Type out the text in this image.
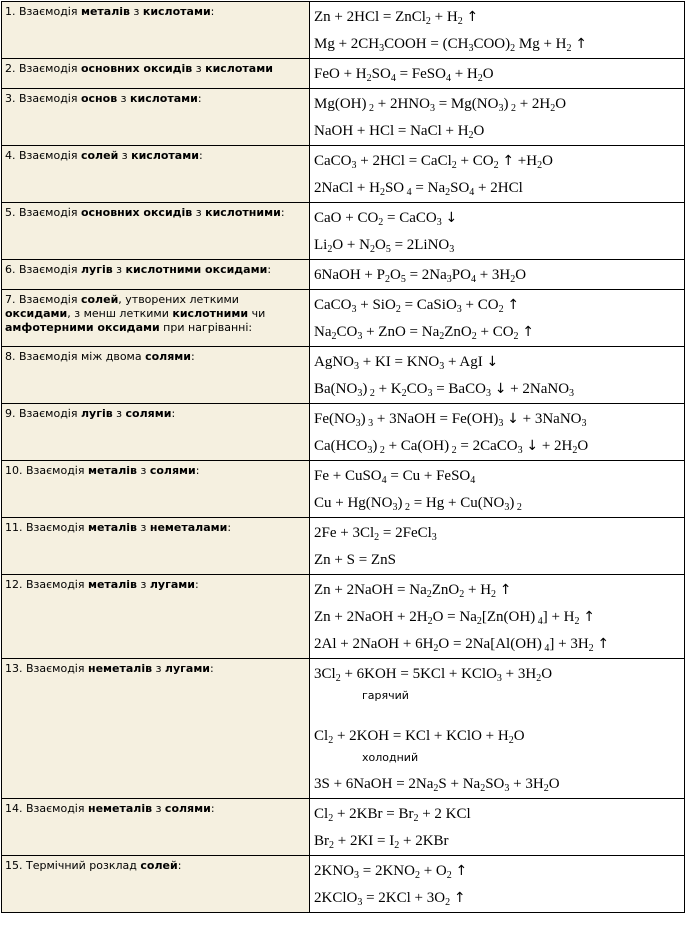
1. Взаємодія металів з кислотами:	Zn + 2HCl = ZnCl$_2$ + $H_2$ ↑
$Mg + 2CH_3COOH = (CH_3COO)_2$ $Mg + H_2$ ↑

2. Взаємодія основних оксидів з кислотами	FeO + $H_2SO_4$ = FeSO$_4$ + $H_2O$

3. Взаємодія основ з кислотами:	Mg(OH) $_2 + 2HNO_3 = Mg(NO_3) _2 + 2H_2O$
NaOH + HCl = NaCl + $H_2O$

4. Взаємодія солей з кислотами:	CaCO$_3$ + 2HCl = CaCl$_2$ + $CO_2$ ↑ $+H_2O$
2NaCl + $H_2SO$ $_4 = Na_2SO_4 + 2HCl$

5. Взаємодія основних оксидів з кислотними:	CaO + $CO_2$ = CaCO$_3$ ↓
$Li_2O + N_2O_5$ = 2LiNO$_3$

6. Взаємодія лугів з кислотними оксидами:	6NaOH + $P_2O_5 = 2Na_3PO_4 + 3H_2O$

7. Взаємодія солей, утворених леткими оксидами, з менш леткими кислотними чи амфотерними оксидами при нагріванні:	CaCO$_3$ + SiO$_2$ = CaSiO$_3$ + $CO_2$ ↑
$Na_2CO_3$ + ZnO = $Na_2ZnO_2 + CO_2$ ↑

8. Взаємодія між двома солями:	AgNO$_3$ + KI = $KNO_3$ + AgI ↓
$Ba(NO_3) _2 + K_2CO_3$ = BaCO$_3$ ↓ + 2NaNO$_3$

9. Взаємодія лугів з солями:	$Fe(NO_3) _3$ + 3NaOH = $Fe(OH)_3$ ↓ + 3NaNO$_3$
$Ca(HCO_3) _2 + Ca(OH) _2$ = 2CaCO$_3$ ↓ + $2H_2O$

10. Взаємодія металів з солями:	Fe + CuSO$_4$ = Cu + FeSO$_4$
$Cu + Hg(NO_3) _2 = Hg + Cu(NO_3)$ $_2$

11. Взаємодія металів з неметалами:	$2Fe + 3Cl_2$ = 2FeCl$_3$
Zn + S = ZnS

12. Взаємодія металів з лугами:	Zn + 2NaOH = $Na_2ZnO_2 + H_2$ ↑
Zn + 2NaOH + $2H_2O = Na_2[Zn(OH) _4] + H_2$ ↑
2Al + 2NaOH + $6H_2O = 2Na[Al(OH) _4] + 3H_2$ ↑

13. Взаємодія неметалів з лугами:	$3Cl_2 + 6KOH = 5KCl$ + KClO$_3$ + $3H_2O$
гарячий
$Cl_2 + 2KOH$ = KCl + KClO + $H_2O$
холодний
3S + 6NaOH = $2Na_2S + Na_2SO_3 + 3H_2O$

14. Взаємодія неметалів з солями:	$Cl_2 + 2KBr = Br_2 + 2$ KCl
$Br_2 + 2KI = I_2 + 2KBr$

15. Термічний розклад солей:	$2KNO_3 = 2KNO_2 + O_2$ ↑
2KClO$_3$ = $2KCl + 3O_2$ ↑
